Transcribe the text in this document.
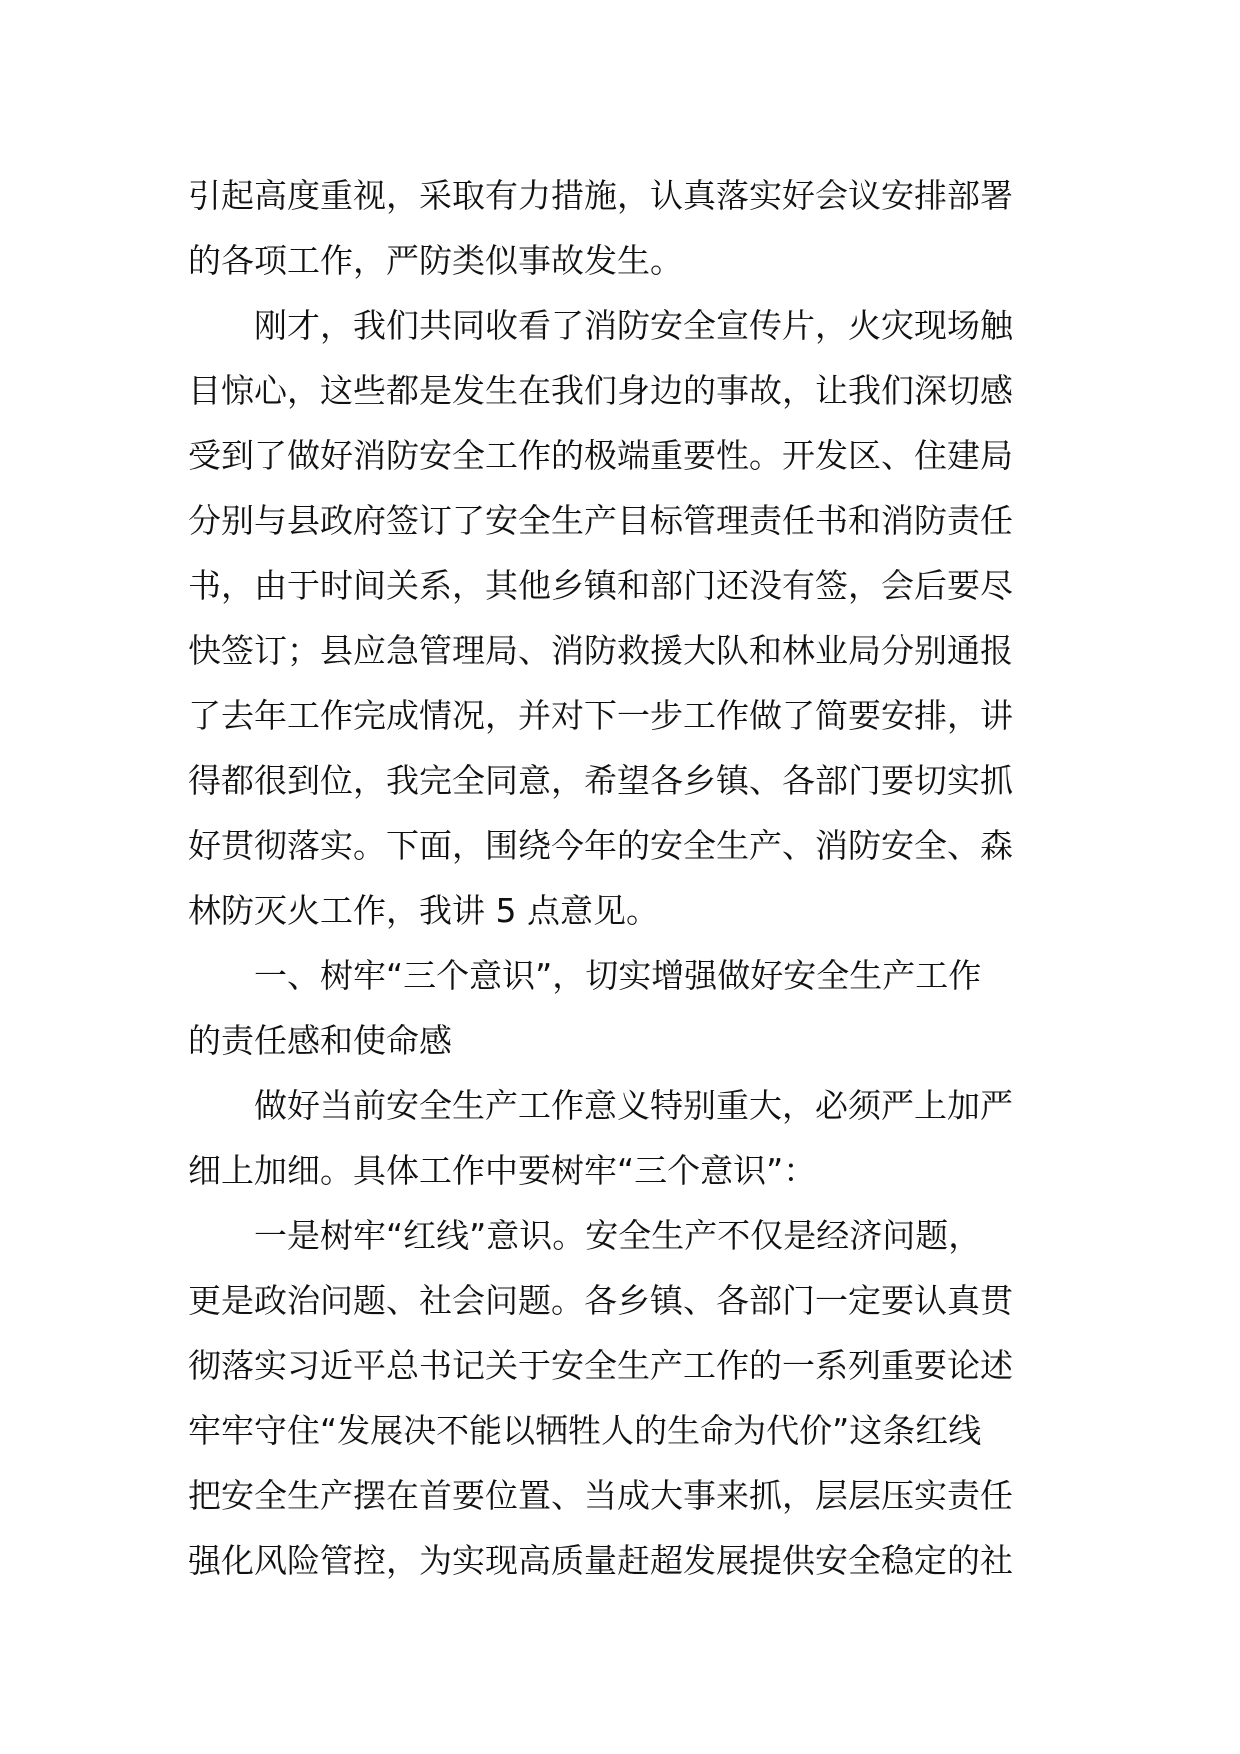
引起高度重视，采取有力措施，认真落实好会议安排部署
的各项工作，严防类似事故发生。
　　刚才，我们共同收看了消防安全宣传片，火灾现场触
目惊心，这些都是发生在我们身边的事故，让我们深切感
受到了做好消防安全工作的极端重要性。开发区、住建局
分别与县政府签订了安全生产目标管理责任书和消防责任
书，由于时间关系，其他乡镇和部门还没有签，会后要尽
快签订；县应急管理局、消防救援大队和林业局分别通报
了去年工作完成情况，并对下一步工作做了简要安排，讲
得都很到位，我完全同意，希望各乡镇、各部门要切实抓
好贯彻落实。下面，围绕今年的安全生产、消防安全、森
林防灭火工作，我讲 5 点意见。
　　一、树牢“三个意识”，切实增强做好安全生产工作
的责任感和使命感
　　做好当前安全生产工作意义特别重大，必须严上加严
细上加细。具体工作中要树牢“三个意识”：
　　一是树牢“红线”意识。安全生产不仅是经济问题，
更是政治问题、社会问题。各乡镇、各部门一定要认真贯
彻落实习近平总书记关于安全生产工作的一系列重要论述
牢牢守住“发展决不能以牺牲人的生命为代价”这条红线
把安全生产摆在首要位置、当成大事来抓，层层压实责任
强化风险管控，为实现高质量赶超发展提供安全稳定的社
